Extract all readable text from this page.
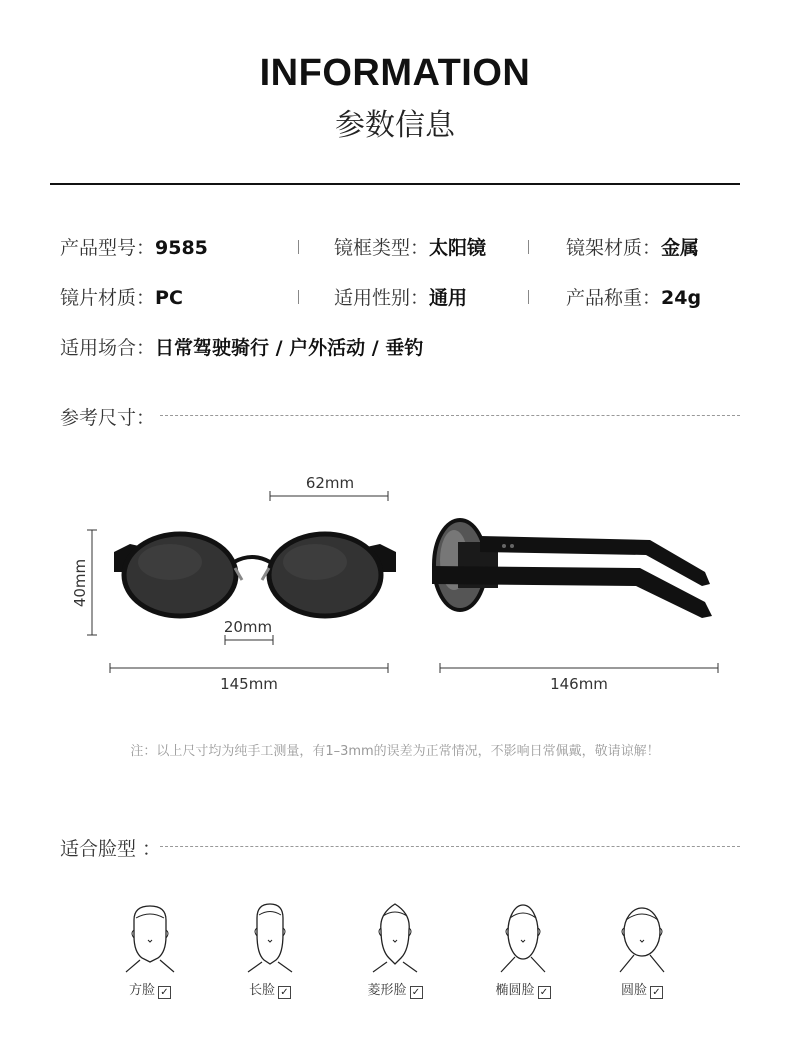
INFORMATION
参数信息
产品型号：9585	镜框类型：太阳镜	镜架材质：金属
镜片材质：PC	适用性别：通用	产品称重：24g
适用场合：日常驾驶骑行 / 户外活动 / 垂钓
参考尺寸：
62mm
40mm
20mm
145mm	146mm
注：以上尺寸均为纯手工测量，有1–3mm的误差为正常情况，不影响日常佩戴，敬请谅解！
适合脸型 ：
方脸 ✓	长脸 ✓	菱形脸 ✓	椭圆脸 ✓	圆脸 ✓
